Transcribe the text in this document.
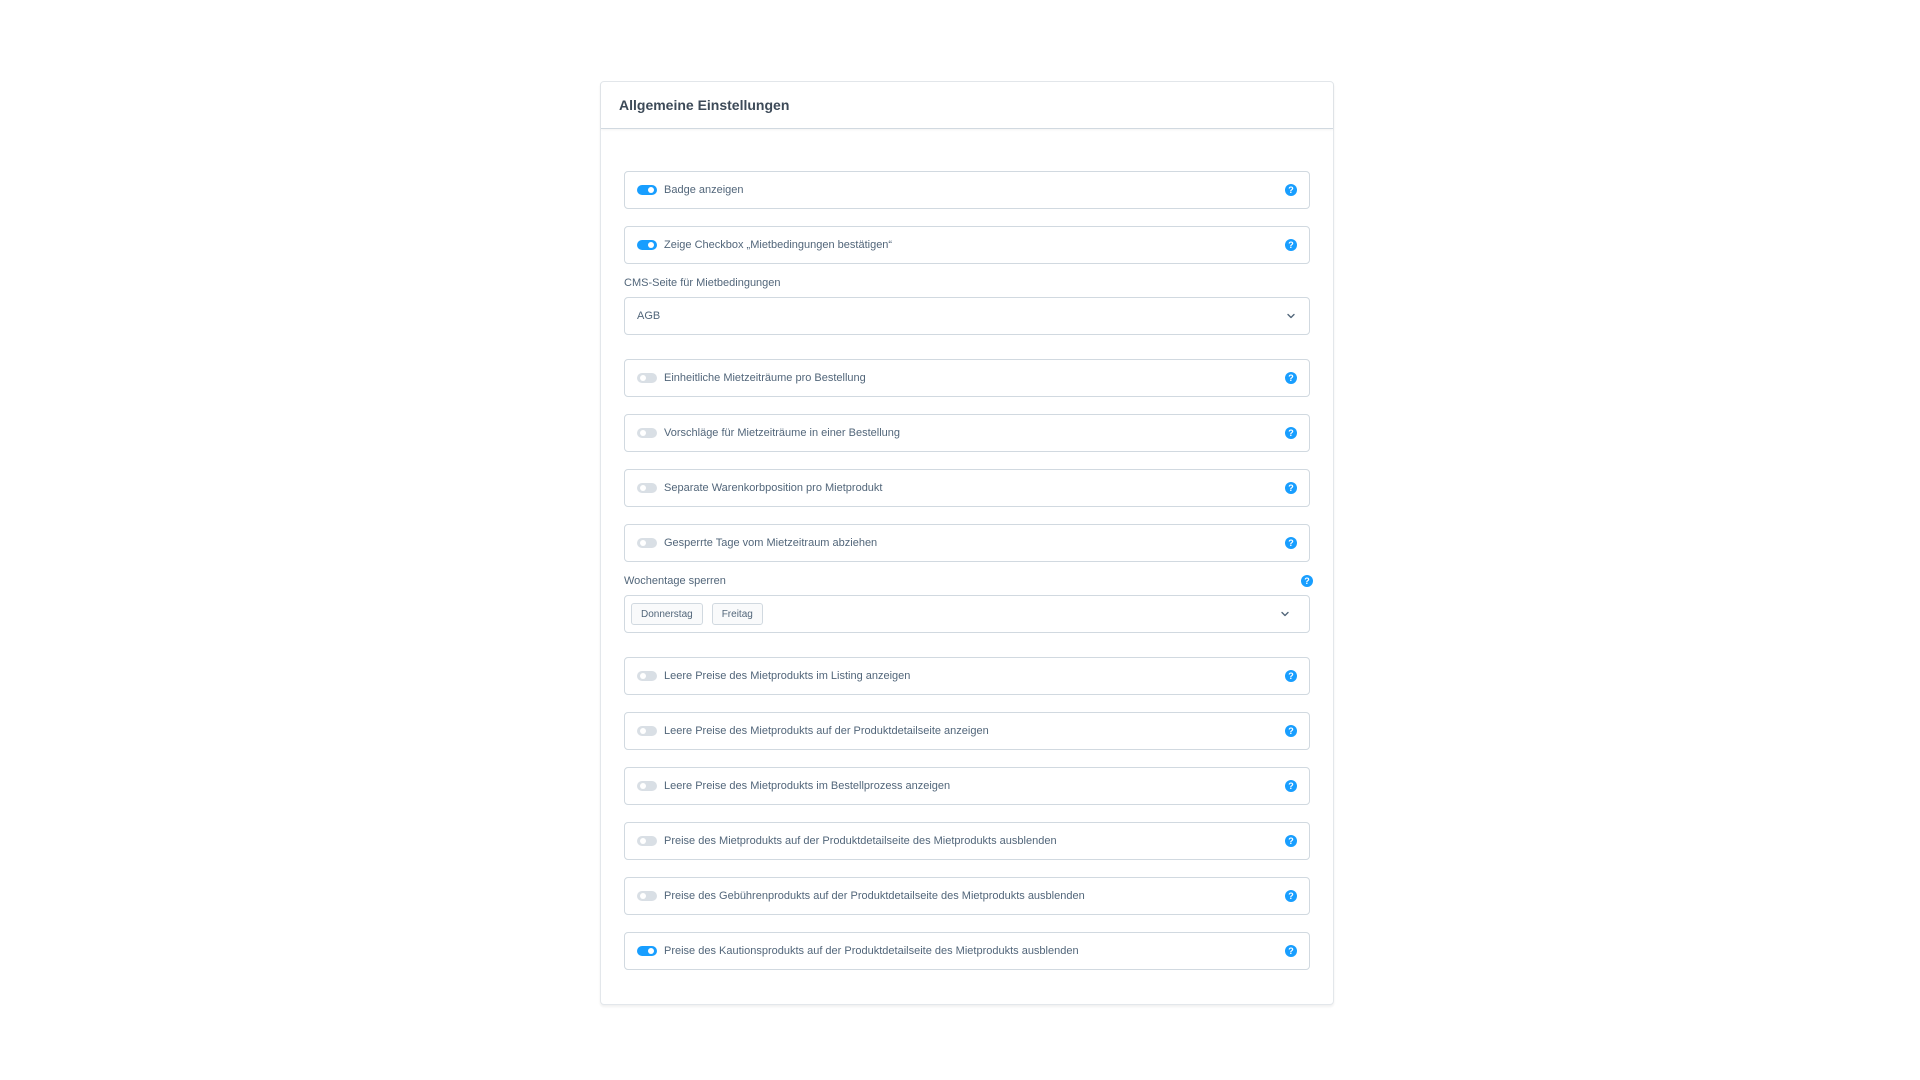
Allgemeine Einstellungen
Badge anzeigen	?
Zeige Checkbox „Mietbedingungen bestätigen“	?
CMS-Seite für Mietbedingungen
AGB
Einheitliche Mietzeiträume pro Bestellung	?
Vorschläge für Mietzeiträume in einer Bestellung	?
Separate Warenkorbposition pro Mietprodukt	?
Gesperrte Tage vom Mietzeitraum abziehen	?
Wochentage sperren	?
Donnerstag	Freitag
Leere Preise des Mietprodukts im Listing anzeigen	?
Leere Preise des Mietprodukts auf der Produktdetailseite anzeigen	?
Leere Preise des Mietprodukts im Bestellprozess anzeigen	?
Preise des Mietprodukts auf der Produktdetailseite des Mietprodukts ausblenden	?
Preise des Gebührenprodukts auf der Produktdetailseite des Mietprodukts ausblenden	?
Preise des Kautionsprodukts auf der Produktdetailseite des Mietprodukts ausblenden	?
